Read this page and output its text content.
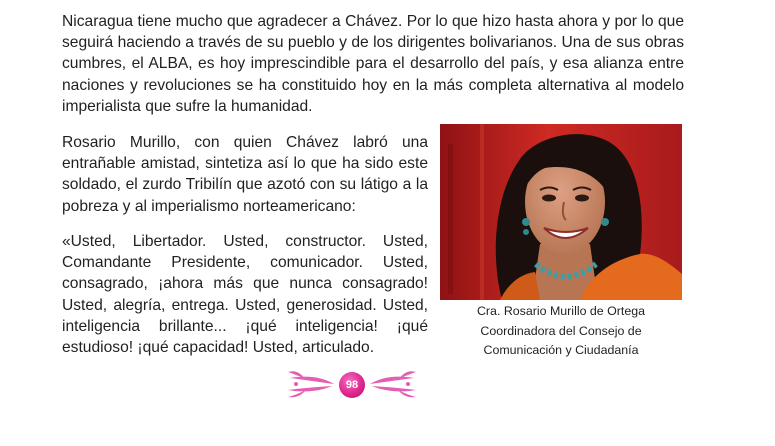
Nicaragua tiene mucho que agradecer a Chávez. Por lo que hizo hasta ahora y por lo que seguirá haciendo a través de su pueblo y de los dirigentes bolivarianos. Una de sus obras cumbres, el ALBA, es hoy imprescindible para el desarrollo del país, y esa alianza entre naciones y revoluciones se ha constituido hoy en la más completa alternativa al modelo imperialista que sufre la humanidad.

Rosario Murillo, con quien Chávez labró una entrañable amistad, sintetiza así lo que ha sido este soldado, el zurdo Tribilín que azotó con su látigo a la pobreza y al imperialismo norteamericano:

«Usted, Libertador. Usted, constructor. Usted, Comandante Presidente, comunicador. Usted, consagrado, ¡ahora más que nunca consagrado! Usted, alegría, entrega. Usted, generosidad. Usted, inteligencia brillante... ¡qué inteligencia! ¡qué estudioso! ¡qué capacidad! Usted, articulado.

Cra. Rosario Murillo de Ortega
Coordinadora del Consejo de
Comunicación y Ciudadanía
98
